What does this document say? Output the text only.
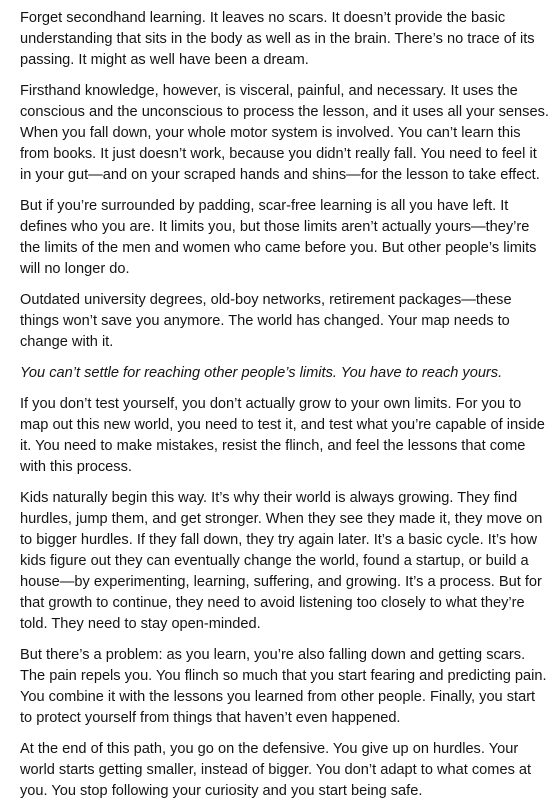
Forget secondhand learning. It leaves no scars. It doesn’t provide the basic understanding that sits in the body as well as in the brain. There’s no trace of its passing. It might as well have been a dream.

Firsthand knowledge, however, is visceral, painful, and necessary. It uses the conscious and the unconscious to process the lesson, and it uses all your senses. When you fall down, your whole motor system is involved. You can’t learn this from books. It just doesn’t work, because you didn’t really fall. You need to feel it in your gut—and on your scraped hands and shins—for the lesson to take effect.

But if you’re surrounded by padding, scar-free learning is all you have left. It defines who you are. It limits you, but those limits aren’t actually yours—they’re the limits of the men and women who came before you. But other people’s limits will no longer do.

Outdated university degrees, old-boy networks, retirement packages—these things won’t save you anymore. The world has changed. Your map needs to change with it.

You can’t settle for reaching other people’s limits. You have to reach yours.

If you don’t test yourself, you don’t actually grow to your own limits. For you to map out this new world, you need to test it, and test what you’re capable of inside it. You need to make mistakes, resist the flinch, and feel the lessons that come with this process.

Kids naturally begin this way. It’s why their world is always growing. They find hurdles, jump them, and get stronger. When they see they made it, they move on to bigger hurdles. If they fall down, they try again later. It’s a basic cycle. It’s how kids figure out they can eventually change the world, found a startup, or build a house—by experimenting, learning, suffering, and growing. It’s a process. But for that growth to continue, they need to avoid listening too closely to what they’re told. They need to stay open-minded.

But there’s a problem: as you learn, you’re also falling down and getting scars. The pain repels you. You flinch so much that you start fearing and predicting pain. You combine it with the lessons you learned from other people. Finally, you start to protect yourself from things that haven’t even happened.

At the end of this path, you go on the defensive. You give up on hurdles. Your world starts getting smaller, instead of bigger. You don’t adapt to what comes at you. You stop following your curiosity and you start being safe.
